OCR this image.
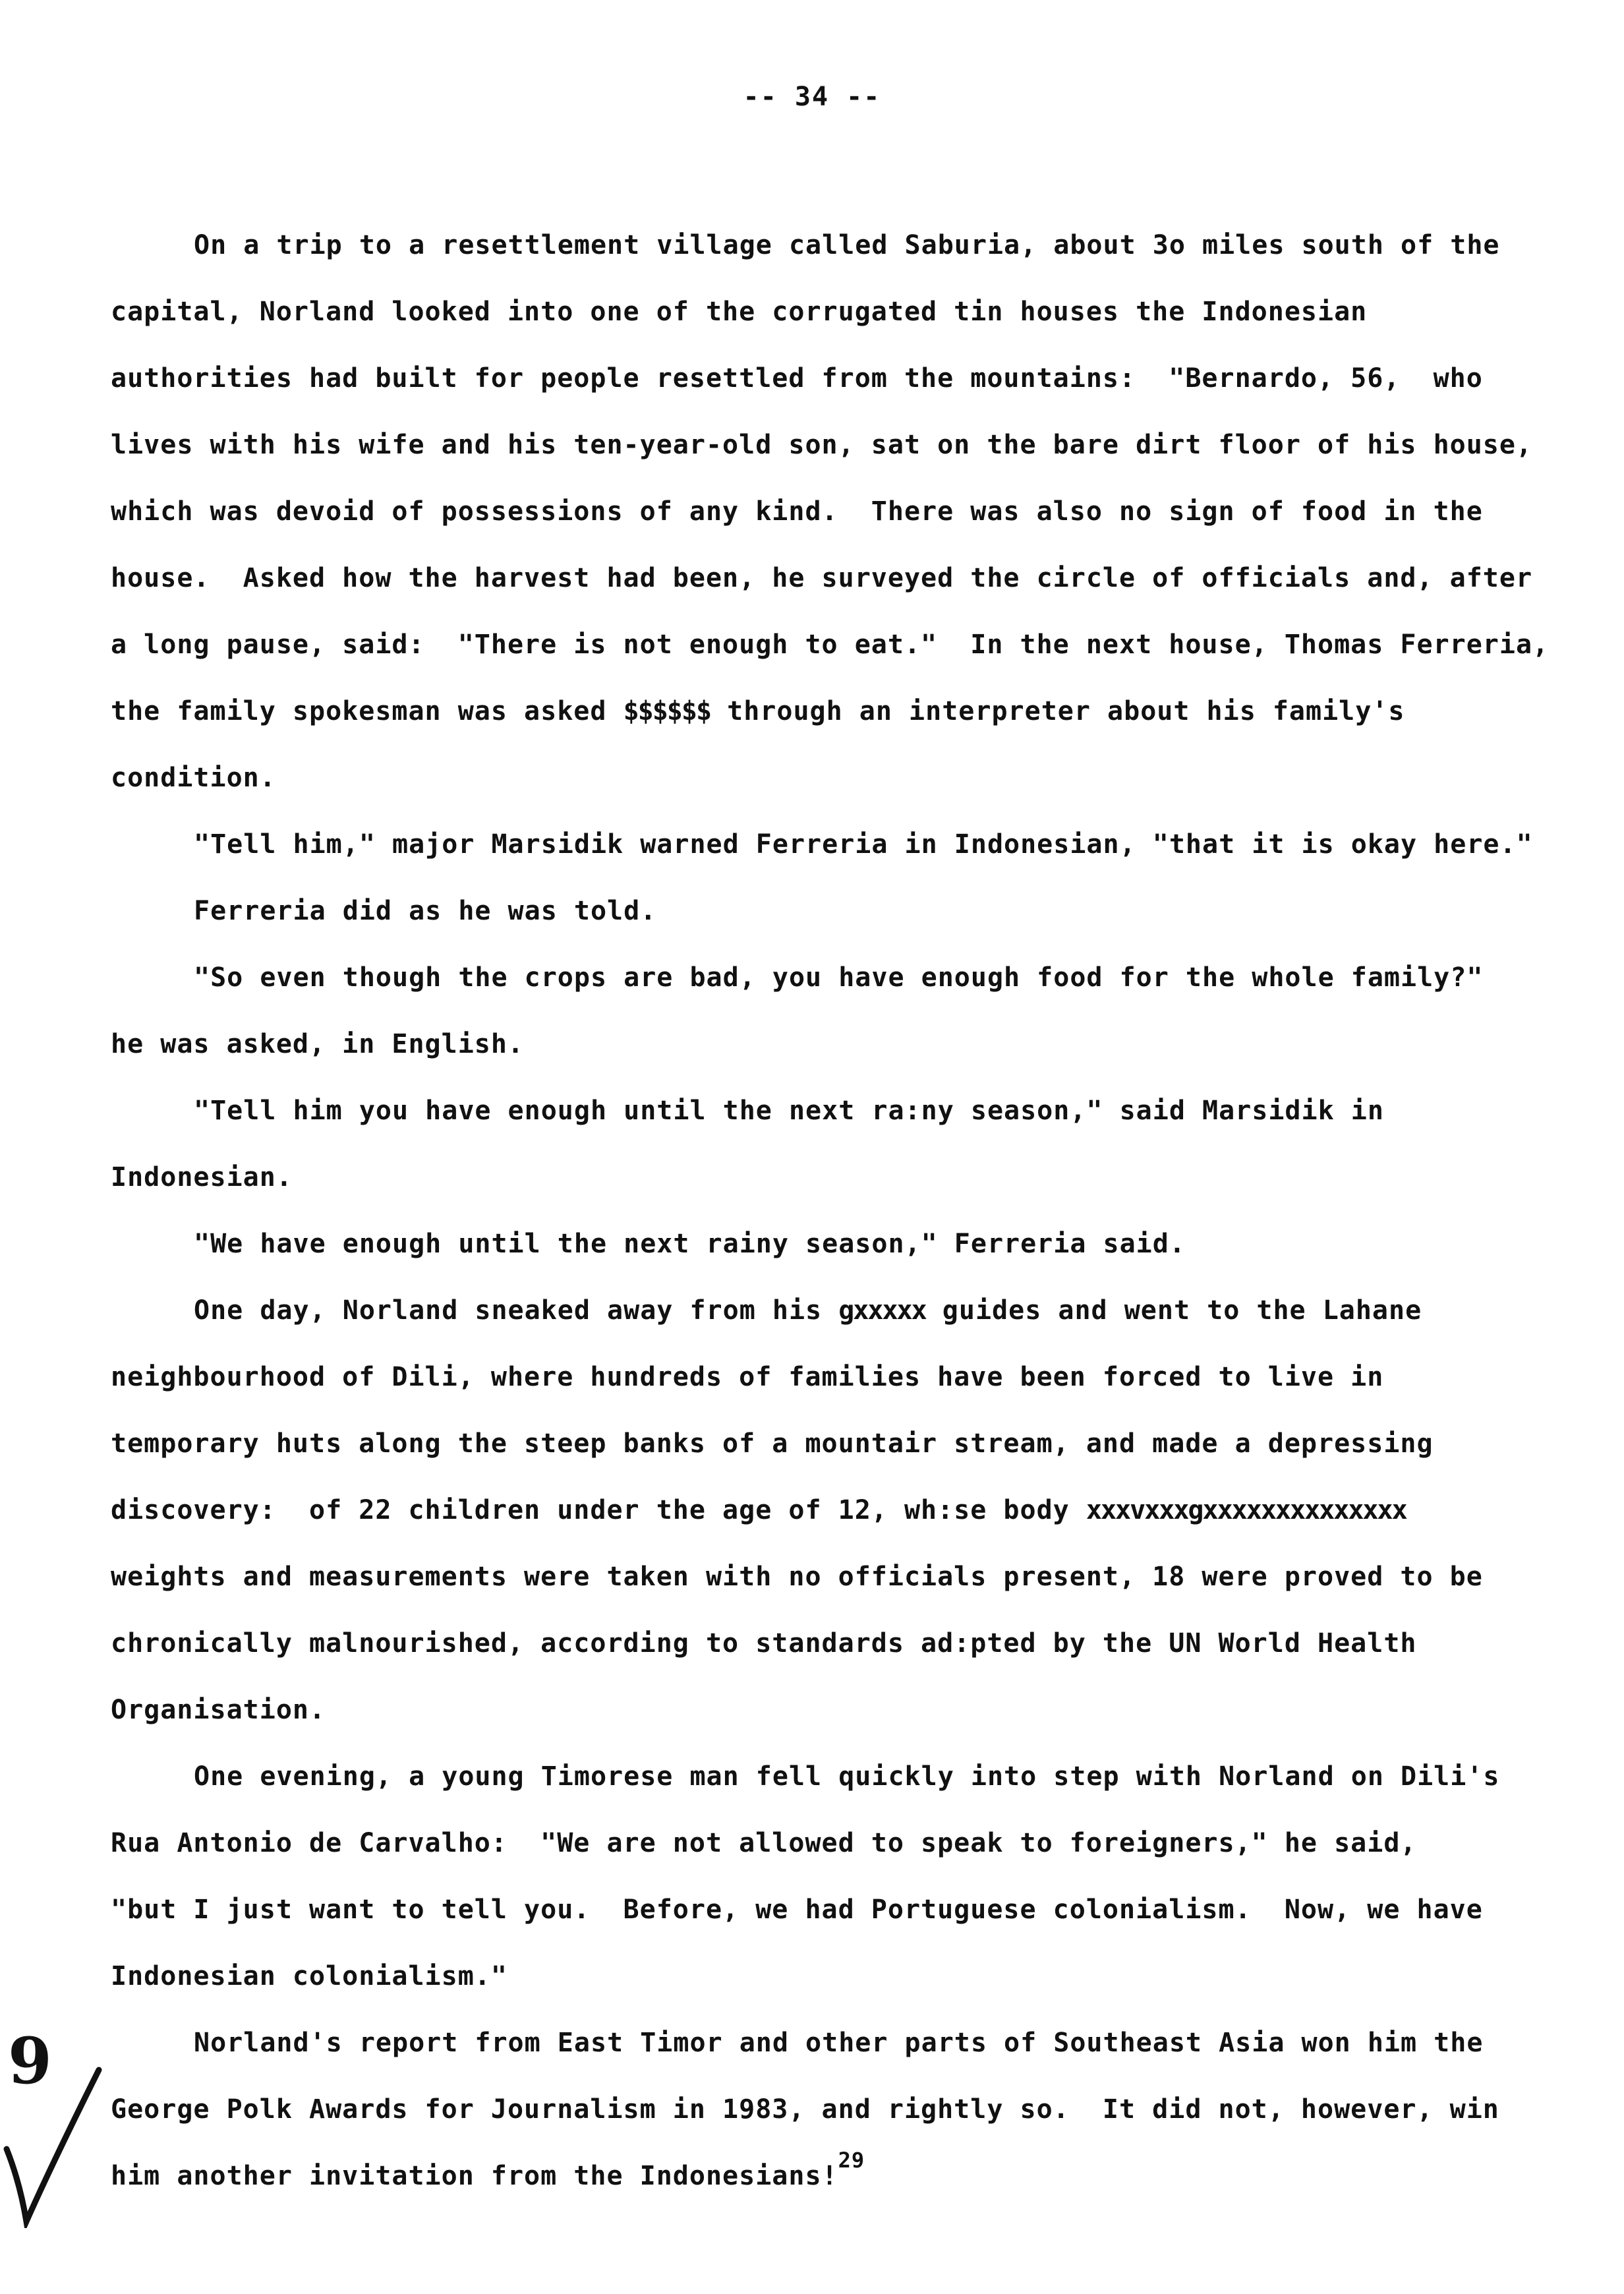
-- 34 --
On a trip to a resettlement village called Saburia, about 3o miles south of the
capital, Norland looked into one of the corrugated tin houses the Indonesian
authorities had built for people resettled from the mountains:  "Bernardo, 56,  who
lives with his wife and his ten-year-old son, sat on the bare dirt floor of his house,
which was devoid of possessions of any kind.  There was also no sign of food in the
house.  Asked how the harvest had been, he surveyed the circle of officials and, after
a long pause, said:  "There is not enough to eat."  In the next house, Thomas Ferreria,
the family spokesman was asked $$$$$$ through an interpreter about his family's
condition.
"Tell him," major Marsidik warned Ferreria in Indonesian, "that it is okay here."
Ferreria did as he was told.
"So even though the crops are bad, you have enough food for the whole family?"
he was asked, in English.
"Tell him you have enough until the next ra:ny season," said Marsidik in
Indonesian.
"We have enough until the next rainy season," Ferreria said.
One day, Norland sneaked away from his gxxxxx guides and went to the Lahane
neighbourhood of Dili, where hundreds of families have been forced to live in
temporary huts along the steep banks of a mountair stream, and made a depressing
discovery:  of 22 children under the age of 12, wh:se body xxxvxxxgxxxxxxxxxxxxxx
weights and measurements were taken with no officials present, 18 were proved to be
chronically malnourished, according to standards ad:pted by the UN World Health
Organisation.
One evening, a young Timorese man fell quickly into step with Norland on Dili's
Rua Antonio de Carvalho:  "We are not allowed to speak to foreigners," he said,
"but I just want to tell you.  Before, we had Portuguese colonialism.  Now, we have
Indonesian colonialism."
Norland's report from East Timor and other parts of Southeast Asia won him the
George Polk Awards for Journalism in 1983, and rightly so.  It did not, however, win
him another invitation from the Indonesians!$^{29}$
9
